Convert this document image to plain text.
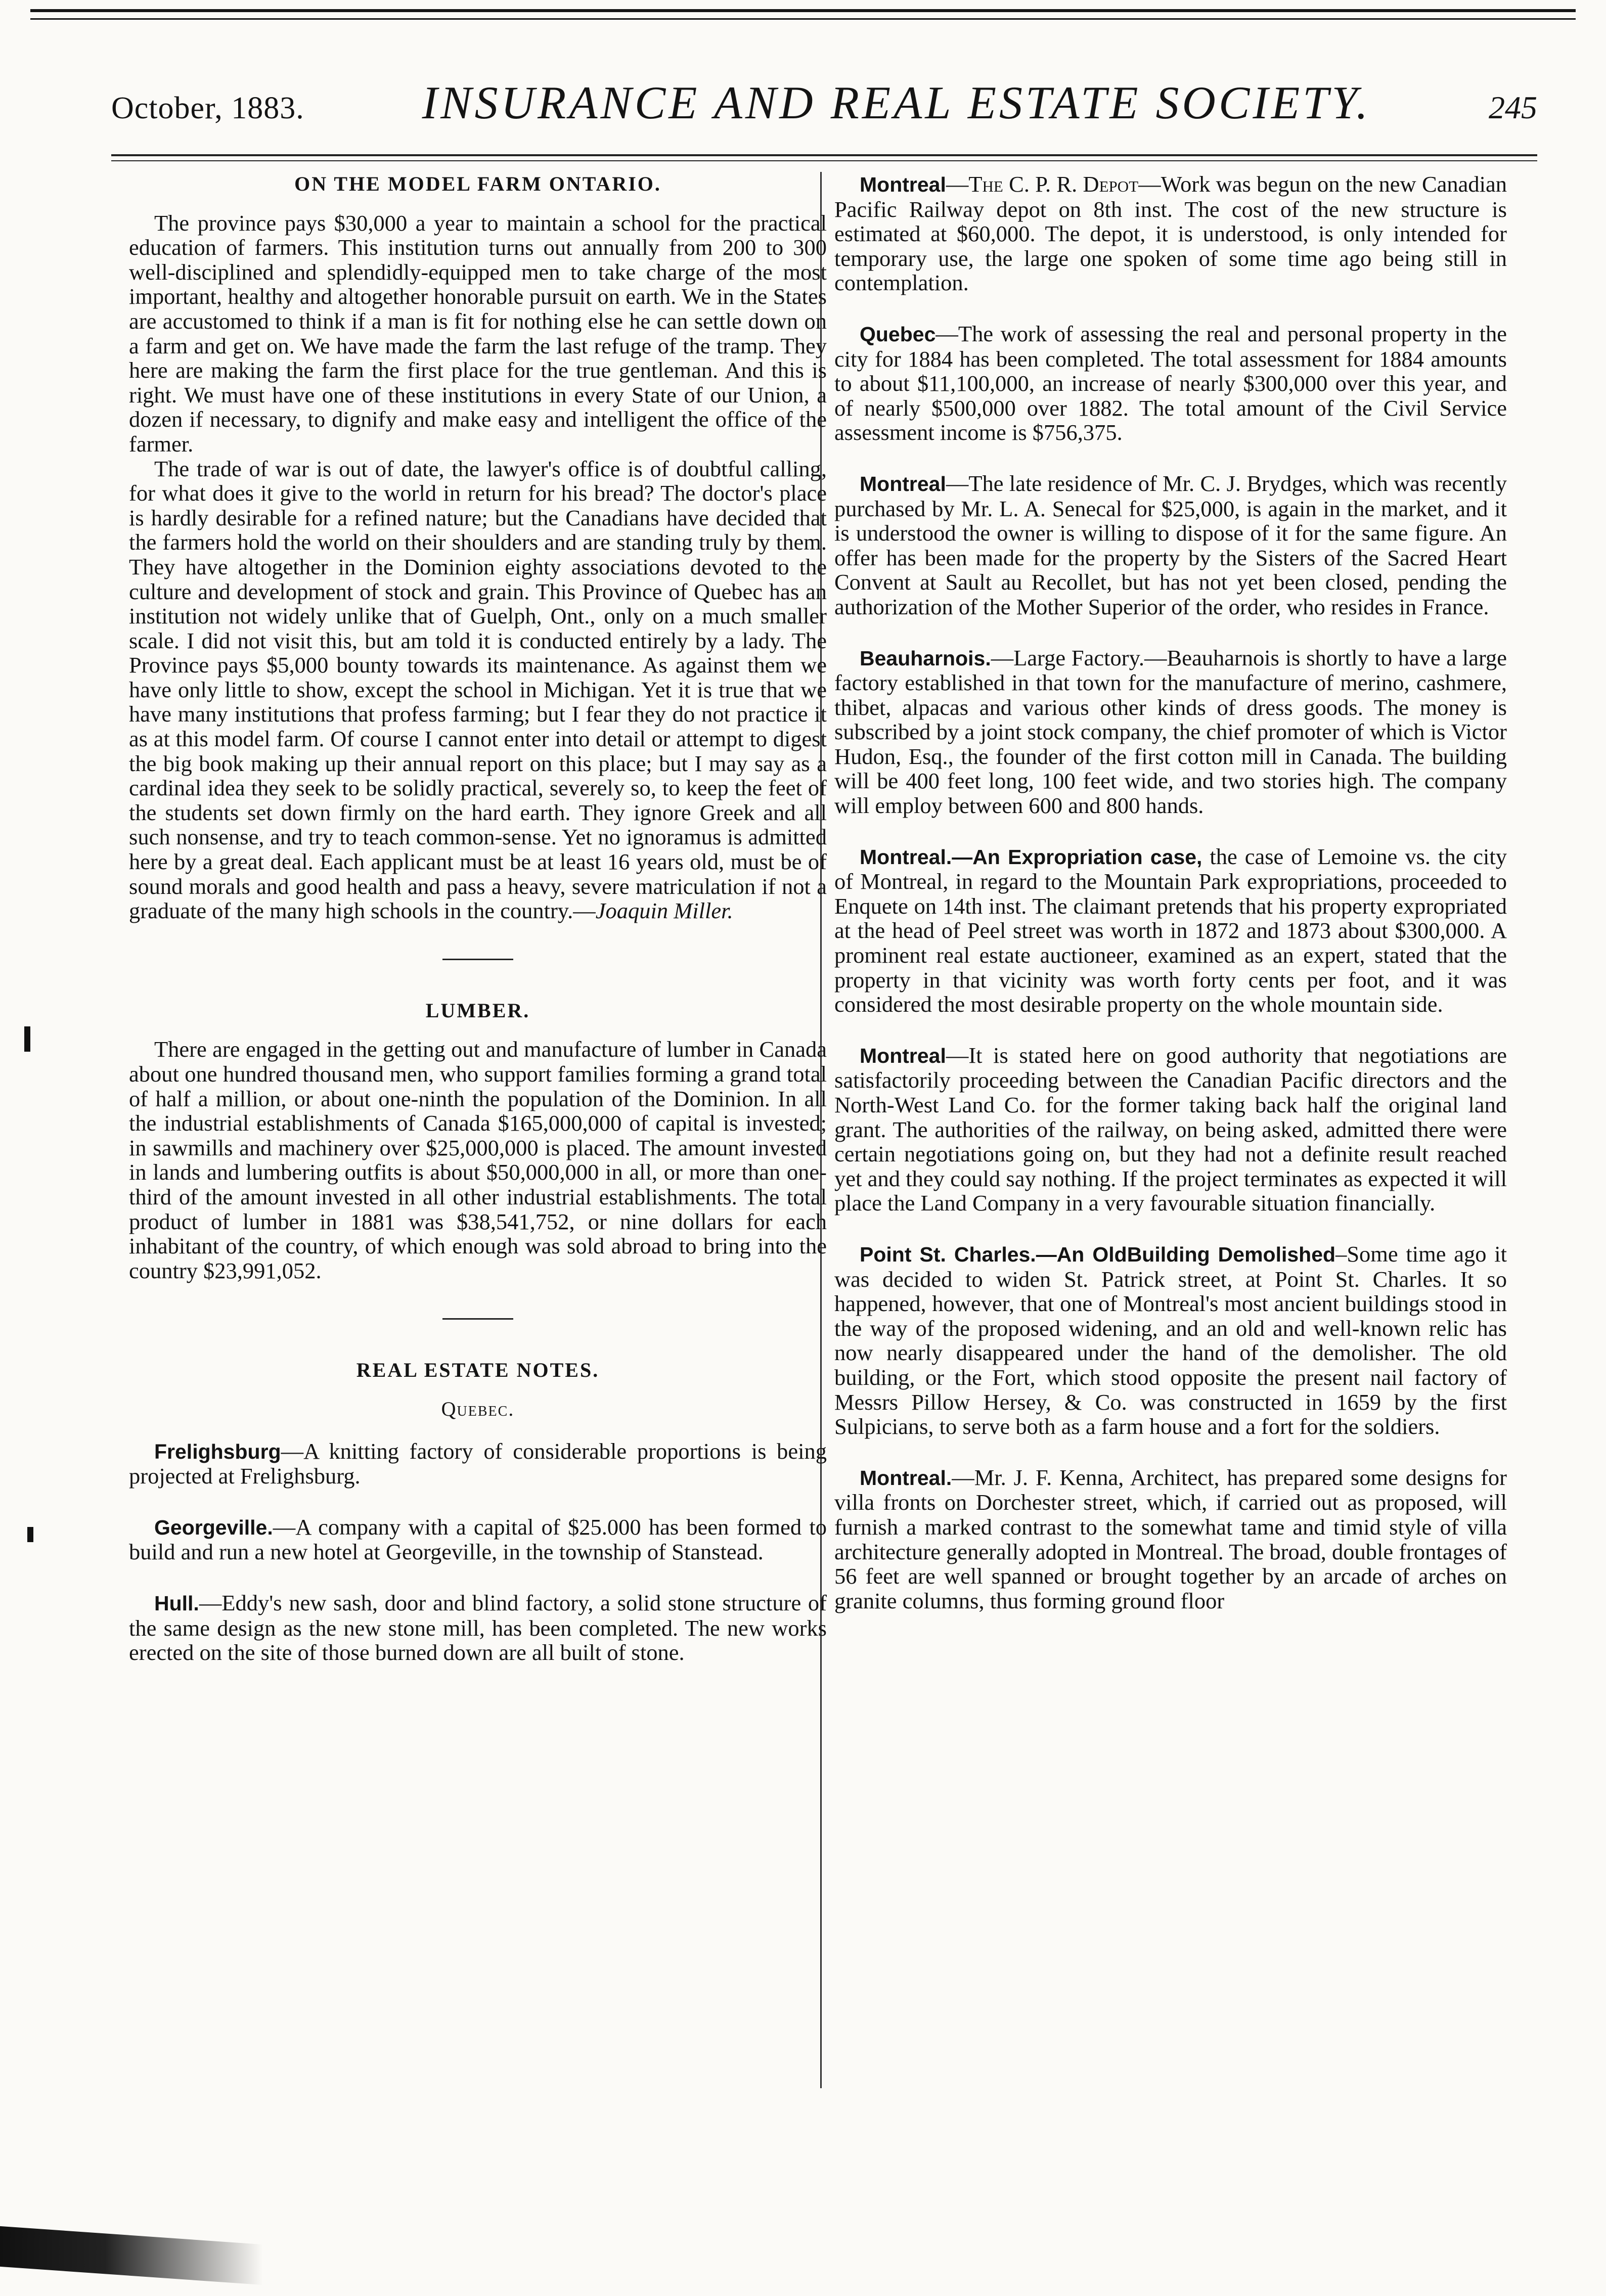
October, 1883.	INSURANCE AND REAL ESTATE SOCIETY.	245
ON THE MODEL FARM ONTARIO.

The province pays $30,000 a year to maintain a school for the practical education of farmers. This institution turns out annually from 200 to 300 well-disciplined and splendidly-equipped men to take charge of the most important, healthy and altogether honorable pursuit on earth. We in the States are accustomed to think if a man is fit for nothing else he can settle down on a farm and get on. We have made the farm the last refuge of the tramp. They here are making the farm the first place for the true gentleman. And this is right. We must have one of these institutions in every State of our Union, a dozen if necessary, to dignify and make easy and intelligent the office of the farmer.

The trade of war is out of date, the lawyer's office is of doubtful calling, for what does it give to the world in return for his bread? The doctor's place is hardly desirable for a refined nature; but the Canadians have decided that the farmers hold the world on their shoulders and are standing truly by them. They have altogether in the Dominion eighty associations devoted to the culture and development of stock and grain. This Province of Quebec has an institution not widely unlike that of Guelph, Ont., only on a much smaller scale. I did not visit this, but am told it is conducted entirely by a lady. The Province pays $5,000 bounty towards its maintenance. As against them we have only little to show, except the school in Michigan. Yet it is true that we have many institutions that profess farming; but I fear they do not practice it as at this model farm. Of course I cannot enter into detail or attempt to digest the big book making up their annual report on this place; but I may say as a cardinal idea they seek to be solidly practical, severely so, to keep the feet of the students set down firmly on the hard earth. They ignore Greek and all such nonsense, and try to teach common-sense. Yet no ignoramus is admitted here by a great deal. Each applicant must be at least 16 years old, must be of sound morals and good health and pass a heavy, severe matriculation if not a graduate of the many high schools in the country.—Joaquin Miller.

LUMBER.

There are engaged in the getting out and manufacture of lumber in Canada about one hundred thousand men, who support families forming a grand total of half a million, or about one-ninth the population of the Dominion. In all the industrial establishments of Canada $165,000,000 of capital is invested; in sawmills and machinery over $25,000,000 is placed. The amount invested in lands and lumbering outfits is about $50,000,000 in all, or more than one-third of the amount invested in all other industrial establishments. The total product of lumber in 1881 was $38,541,752, or nine dollars for each inhabitant of the country, of which enough was sold abroad to bring into the country $23,991,052.

REAL ESTATE NOTES.
Quebec.

Frelighsburg—A knitting factory of considerable proportions is being projected at Frelighsburg.

Georgeville.—A company with a capital of $25.000 has been formed to build and run a new hotel at Georgeville, in the township of Stanstead.

Hull.—Eddy's new sash, door and blind factory, a solid stone structure of the same design as the new stone mill, has been completed. The new works erected on the site of those burned down are all built of stone.

Montreal—The C. P. R. Depot—Work was begun on the new Canadian Pacific Railway depot on 8th inst. The cost of the new structure is estimated at $60,000. The depot, it is understood, is only intended for temporary use, the large one spoken of some time ago being still in contemplation.

Quebec—The work of assessing the real and personal property in the city for 1884 has been completed. The total assessment for 1884 amounts to about $11,100,000, an increase of nearly $300,000 over this year, and of nearly $500,000 over 1882. The total amount of the Civil Service assessment income is $756,375.

Montreal—The late residence of Mr. C. J. Brydges, which was recently purchased by Mr. L. A. Senecal for $25,000, is again in the market, and it is understood the owner is willing to dispose of it for the same figure. An offer has been made for the property by the Sisters of the Sacred Heart Convent at Sault au Recollet, but has not yet been closed, pending the authorization of the Mother Superior of the order, who resides in France.

Beauharnois.—Large Factory.—Beauharnois is shortly to have a large factory established in that town for the manufacture of merino, cashmere, thibet, alpacas and various other kinds of dress goods. The money is subscribed by a joint stock company, the chief promoter of which is Victor Hudon, Esq., the founder of the first cotton mill in Canada. The building will be 400 feet long, 100 feet wide, and two stories high. The company will employ between 600 and 800 hands.

Montreal.—An Expropriation case, the case of Lemoine vs. the city of Montreal, in regard to the Mountain Park expropriations, proceeded to Enquete on 14th inst. The claimant pretends that his property expropriated at the head of Peel street was worth in 1872 and 1873 about $300,000. A prominent real estate auctioneer, examined as an expert, stated that the property in that vicinity was worth forty cents per foot, and it was considered the most desirable property on the whole mountain side.

Montreal—It is stated here on good authority that negotiations are satisfactorily proceeding between the Canadian Pacific directors and the North-West Land Co. for the former taking back half the original land grant. The authorities of the railway, on being asked, admitted there were certain negotiations going on, but they had not a definite result reached yet and they could say nothing. If the project terminates as expected it will place the Land Company in a very favourable situation financially.

Point St. Charles.—An OldBuilding Demolished–Some time ago it was decided to widen St. Patrick street, at Point St. Charles. It so happened, however, that one of Montreal's most ancient buildings stood in the way of the proposed widening, and an old and well-known relic has now nearly disappeared under the hand of the demolisher. The old building, or the Fort, which stood opposite the present nail factory of Messrs Pillow Hersey, & Co. was constructed in 1659 by the first Sulpicians, to serve both as a farm house and a fort for the soldiers.

Montreal.—Mr. J. F. Kenna, Architect, has prepared some designs for villa fronts on Dorchester street, which, if carried out as proposed, will furnish a marked contrast to the somewhat tame and timid style of villa architecture generally adopted in Montreal. The broad, double frontages of 56 feet are well spanned or brought together by an arcade of arches on granite columns, thus forming ground floor
